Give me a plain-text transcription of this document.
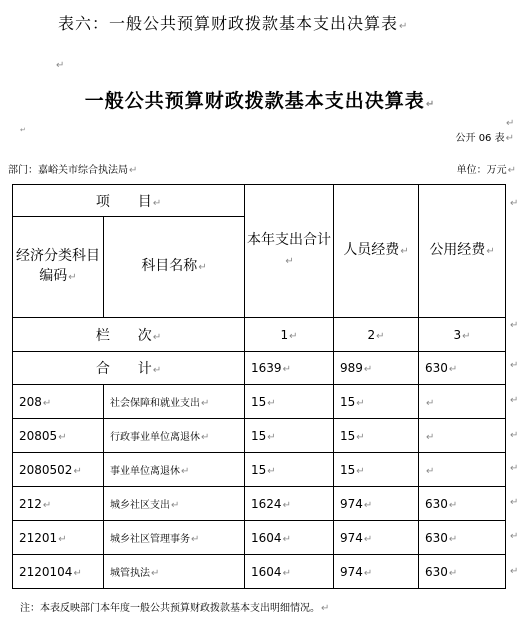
表六：一般公共预算财政拨款基本支出决算表↵
↵
一般公共预算财政拨款基本支出决算表↵
↵
↵
公开 06 表↵
部门：嘉峪关市综合执法局↵	单位：万元↵
项　　目↵		本年支出合计↵	人员经费↵	公用经费↵
经济分类科目编码↵	科目名称↵			
栏　　次↵		1↵	2↵	3↵
合　　计↵		1639↵	989↵	630↵
208↵	社会保障和就业支出↵	15↵	15↵	↵
20805↵	行政事业单位离退休↵	15↵	15↵	↵
2080502↵	事业单位离退休↵	15↵	15↵	↵
212↵	城乡社区支出↵	1624↵	974↵	630↵
21201↵	城乡社区管理事务↵	1604↵	974↵	630↵
2120104↵	城管执法↵	1604↵	974↵	630↵
↵
↵
↵
↵
↵
↵
↵
↵
↵
注：本表反映部门本年度一般公共预算财政拨款基本支出明细情况。↵
